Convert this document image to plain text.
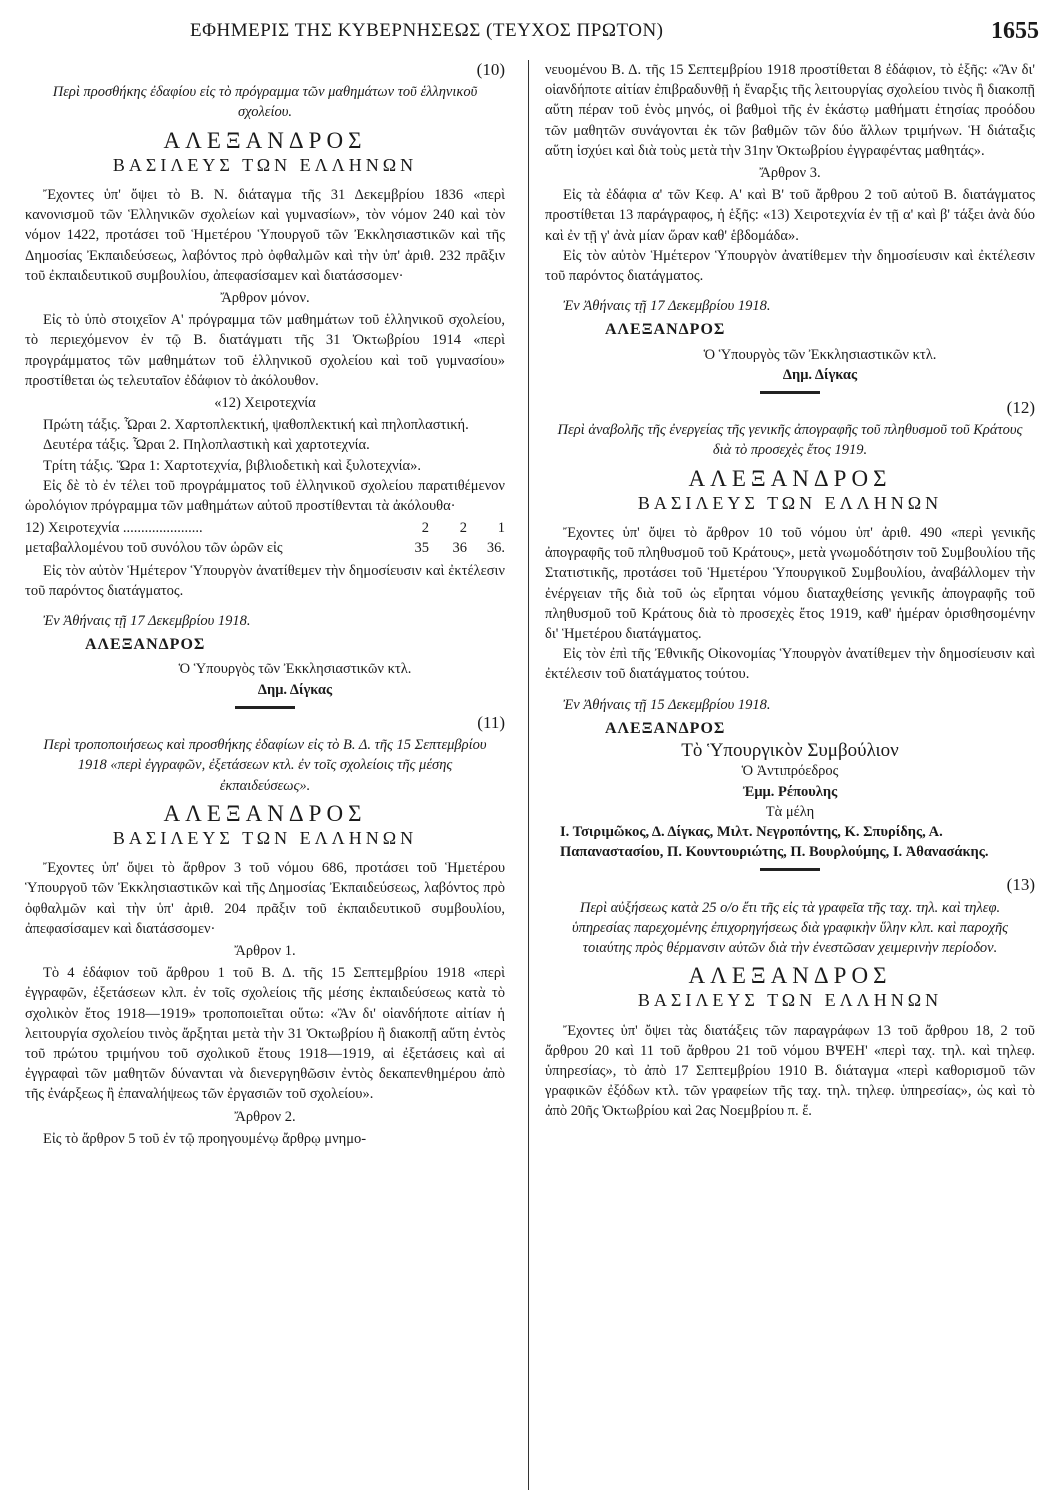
ΕΦΗΜΕΡΙΣ ΤΗΣ ΚΥΒΕΡΝΗΣΕΩΣ (ΤΕΥΧΟΣ ΠΡΩΤΟΝ)	1655

(10)

Περὶ προσθήκης ἐδαφίου εἰς τὸ πρόγραμμα τῶν μαθημάτων τοῦ ἑλληνικοῦ σχολείου.

ΑΛΕΞΑΝΔΡΟΣ

ΒΑΣΙΛΕΥΣ ΤΩΝ ΕΛΛΗΝΩΝ

Ἔχοντες ὑπ' ὄψει τὸ Β. Ν. διάταγμα τῆς 31 Δεκεμβρίου 1836 «περὶ κανονισμοῦ τῶν Ἑλληνικῶν σχολείων καὶ γυμνασίων», τὸν νόμον 240 καὶ τὸν νόμον 1422, προτάσει τοῦ Ἡμετέρου Ὑπουργοῦ τῶν Ἐκκλησιαστικῶν καὶ τῆς Δημοσίας Ἐκπαιδεύσεως, λαβόντος πρὸ ὀφθαλμῶν καὶ τὴν ὑπ' ἀριθ. 232 πρᾶξιν τοῦ ἐκπαιδευτικοῦ συμβουλίου, ἀπεφασίσαμεν καὶ διατάσσομεν·

Ἄρθρον μόνον.

Εἰς τὸ ὑπὸ στοιχεῖον Α' πρόγραμμα τῶν μαθημάτων τοῦ ἑλληνικοῦ σχολείου, τὸ περιεχόμενον ἐν τῷ Β. διατάγματι τῆς 31 Ὀκτωβρίου 1914 «περὶ προγράμματος τῶν μαθημάτων τοῦ ἑλληνικοῦ σχολείου καὶ τοῦ γυμνασίου» προστίθεται ὡς τελευταῖον ἐδάφιον τὸ ἀκόλουθον.

«12) Χειροτεχνία

Πρώτη τάξις. Ὧραι 2. Χαρτοπλεκτική, ψαθοπλεκτική καὶ πηλοπλαστική.

Δευτέρα τάξις. Ὧραι 2. Πηλοπλαστικὴ καὶ χαρτοτεχνία.

Τρίτη τάξις. Ὥρα 1: Χαρτοτεχνία, βιβλιοδετικὴ καὶ ξυλοτεχνία».

Εἰς δὲ τὸ ἐν τέλει τοῦ προγράμματος τοῦ ἑλληνικοῦ σχολείου παρατιθέμενον ὡρολόγιον πρόγραμμα τῶν μαθημάτων αὐτοῦ προστίθενται τὰ ἀκόλουθα·

12) Χειροτεχνία ......................	2	2	1
μεταβαλλομένου τοῦ συνόλου τῶν ὡρῶν εἰς	35	36	36.

Εἰς τὸν αὐτὸν Ἡμέτερον Ὑπουργὸν ἀνατίθεμεν τὴν δημοσίευσιν καὶ ἐκτέλεσιν τοῦ παρόντος διατάγματος.

Ἐν Ἀθήναις τῇ 17 Δεκεμβρίου 1918.

ΑΛΕΞΑΝΔΡΟΣ

Ὁ Ὑπουργὸς τῶν Ἐκκλησιαστικῶν κτλ.

Δημ. Δίγκας

(11)

Περὶ τροποποιήσεως καὶ προσθήκης ἐδαφίων εἰς τὸ Β. Δ. τῆς 15 Σεπτεμβρίου 1918 «περὶ ἐγγραφῶν, ἐξετάσεων κτλ. ἐν τοῖς σχολείοις τῆς μέσης ἐκπαιδεύσεως».

ΑΛΕΞΑΝΔΡΟΣ

ΒΑΣΙΛΕΥΣ ΤΩΝ ΕΛΛΗΝΩΝ

Ἔχοντες ὑπ' ὄψει τὸ ἄρθρον 3 τοῦ νόμου 686, προτάσει τοῦ Ἡμετέρου Ὑπουργοῦ τῶν Ἐκκλησιαστικῶν καὶ τῆς Δημοσίας Ἐκπαιδεύσεως, λαβόντος πρὸ ὀφθαλμῶν καὶ τὴν ὑπ' ἀριθ. 204 πρᾶξιν τοῦ ἐκπαιδευτικοῦ συμβουλίου, ἀπεφασίσαμεν καὶ διατάσσομεν·

Ἄρθρον 1.

Τὸ 4 ἐδάφιον τοῦ ἄρθρου 1 τοῦ Β. Δ. τῆς 15 Σεπτεμβρίου 1918 «περὶ ἐγγραφῶν, ἐξετάσεων κλπ. ἐν τοῖς σχολείοις τῆς μέσης ἐκπαιδεύσεως κατὰ τὸ σχολικὸν ἔτος 1918—1919» τροποποιεῖται οὕτω: «Ἂν δι' οἱανδήποτε αἰτίαν ἡ λειτουργία σχολείου τινὸς ἄρξηται μετὰ τὴν 31 Ὀκτωβρίου ἢ διακοπῇ αὕτη ἐντὸς τοῦ πρώτου τριμήνου τοῦ σχολικοῦ ἔτους 1918—1919, αἱ ἐξετάσεις καὶ αἱ ἐγγραφαὶ τῶν μαθητῶν δύνανται νὰ διενεργηθῶσιν ἐντὸς δεκαπενθημέρου ἀπὸ τῆς ἐνάρξεως ἢ ἐπαναλήψεως τῶν ἐργασιῶν τοῦ σχολείου».

Ἄρθρον 2.

Εἰς τὸ ἄρθρον 5 τοῦ ἐν τῷ προηγουμένῳ ἄρθρῳ μνημο-

νευομένου Β. Δ. τῆς 15 Σεπτεμβρίου 1918 προστίθεται 8 ἐδάφιον, τὸ ἑξῆς: «Ἂν δι' οἱανδήποτε αἰτίαν ἐπιβραδυνθῇ ἡ ἔναρξις τῆς λειτουργίας σχολείου τινὸς ἢ διακοπῇ αὕτη πέραν τοῦ ἑνὸς μηνός, οἱ βαθμοὶ τῆς ἐν ἑκάστῳ μαθήματι ἐτησίας προόδου τῶν μαθητῶν συνάγονται ἐκ τῶν βαθμῶν τῶν δύο ἄλλων τριμήνων. Ἡ διάταξις αὕτη ἰσχύει καὶ διὰ τοὺς μετὰ τὴν 31ην Ὀκτωβρίου ἐγγραφέντας μαθητάς».

Ἄρθρον 3.

Εἰς τὰ ἐδάφια α' τῶν Κεφ. Α' καὶ Β' τοῦ ἄρθρου 2 τοῦ αὐτοῦ Β. διατάγματος προστίθεται 13 παράγραφος, ἡ ἑξῆς: «13) Χειροτεχνία ἐν τῇ α' καὶ β' τάξει ἀνὰ δύο καὶ ἐν τῇ γ' ἀνὰ μίαν ὥραν καθ' ἑβδομάδα».

Εἰς τὸν αὐτὸν Ἡμέτερον Ὑπουργὸν ἀνατίθεμεν τὴν δημοσίευσιν καὶ ἐκτέλεσιν τοῦ παρόντος διατάγματος.

Ἐν Ἀθήναις τῇ 17 Δεκεμβρίου 1918.

ΑΛΕΞΑΝΔΡΟΣ

Ὁ Ὑπουργὸς τῶν Ἐκκλησιαστικῶν κτλ.

Δημ. Δίγκας

(12)

Περὶ ἀναβολῆς τῆς ἐνεργείας τῆς γενικῆς ἀπογραφῆς τοῦ πληθυσμοῦ τοῦ Κράτους διὰ τὸ προσεχὲς ἔτος 1919.

ΑΛΕΞΑΝΔΡΟΣ

ΒΑΣΙΛΕΥΣ ΤΩΝ ΕΛΛΗΝΩΝ

Ἔχοντες ὑπ' ὄψει τὸ ἄρθρον 10 τοῦ νόμου ὑπ' ἀριθ. 490 «περὶ γενικῆς ἀπογραφῆς τοῦ πληθυσμοῦ τοῦ Κράτους», μετὰ γνωμοδότησιν τοῦ Συμβουλίου τῆς Στατιστικῆς, προτάσει τοῦ Ἡμετέρου Ὑπουργικοῦ Συμβουλίου, ἀναβάλλομεν τὴν ἐνέργειαν τῆς διὰ τοῦ ὡς εἴρηται νόμου διαταχθείσης γενικῆς ἀπογραφῆς τοῦ πληθυσμοῦ τοῦ Κράτους διὰ τὸ προσεχὲς ἔτος 1919, καθ' ἡμέραν ὁρισθησομένην δι' Ἡμετέρου διατάγματος.

Εἰς τὸν ἐπὶ τῆς Ἐθνικῆς Οἰκονομίας Ὑπουργὸν ἀνατίθεμεν τὴν δημοσίευσιν καὶ ἐκτέλεσιν τοῦ διατάγματος τούτου.

Ἐν Ἀθήναις τῇ 15 Δεκεμβρίου 1918.

ΑΛΕΞΑΝΔΡΟΣ

Τὸ Ὑπουργικὸν Συμβούλιον

Ὁ Ἀντιπρόεδρος

Ἐμμ. Ρέπουλης

Τὰ μέλη

Ι. Τσιριμῶκος, Δ. Δίγκας, Μιλτ. Νεγροπόντης, Κ. Σπυρίδης, Α. Παπαναστασίου, Π. Κουντουριώτης, Π. Βουρλούμης, Ι. Ἀθανασάκης.

(13)

Περὶ αὐξήσεως κατὰ 25 ο/ο ἔτι τῆς εἰς τὰ γραφεῖα τῆς ταχ. τηλ. καὶ τηλεφ. ὑπηρεσίας παρεχομένης ἐπιχορηγήσεως διὰ γραφικὴν ὕλην κλπ. καὶ παροχῆς τοιαύτης πρὸς θέρμανσιν αὐτῶν διὰ τὴν ἐνεστῶσαν χειμερινὴν περίοδον.

ΑΛΕΞΑΝΔΡΟΣ

ΒΑΣΙΛΕΥΣ ΤΩΝ ΕΛΛΗΝΩΝ

Ἔχοντες ὑπ' ὄψει τὰς διατάξεις τῶν παραγράφων 13 τοῦ ἄρθρου 18, 2 τοῦ ἄρθρου 20 καὶ 11 τοῦ ἄρθρου 21 τοῦ νόμου ΒΨΕΗ' «περὶ ταχ. τηλ. καὶ τηλεφ. ὑπηρεσίας», τὸ ἀπὸ 17 Σεπτεμβρίου 1910 Β. διάταγμα «περὶ καθορισμοῦ τῶν γραφικῶν ἐξόδων κτλ. τῶν γραφείων τῆς ταχ. τηλ. τηλεφ. ὑπηρεσίας», ὡς καὶ τὸ ἀπὸ 20ῆς Ὀκτωβρίου καὶ 2ας Νοεμβρίου π. ἔ.
